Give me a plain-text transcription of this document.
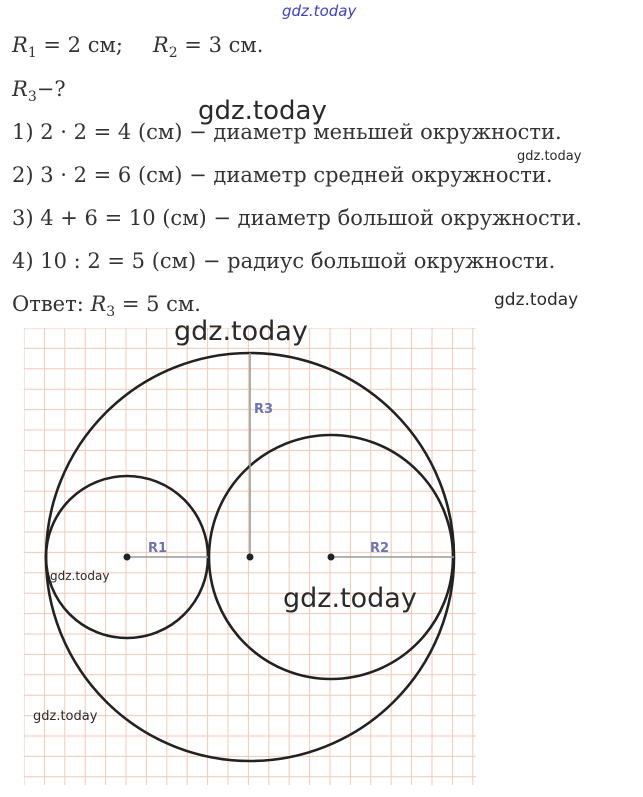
gdz.today
gdz.today
gdz.today
gdz.today
$R_1 = 2$ см; $R_2 = 3$ см.
$R_3-$?
1) 2 · 2 = 4 (см) − диаметр меньшей окружности.
2) 3 · 2 = 6 (см) − диаметр средней окружности.
3) 4 + 6 = 10 (см) − диаметр большой окружности.
4) 10 : 2 = 5 (см) − радиус большой окружности.
Ответ: $R_3 = 5$ см.
R1	R2
R3
gdz.today
gdz.today
gdz.today
gdz.today
